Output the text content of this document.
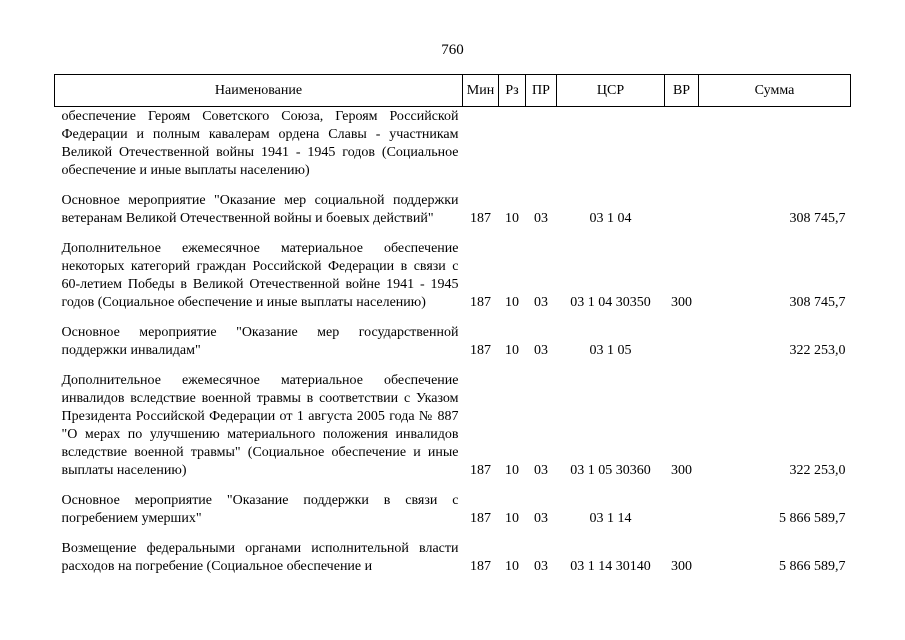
760
Наименование	Мин	Рз	ПР	ЦСР	ВР	Сумма
обеспечение Героям Советского Союза, Героям Российской Федерации и полным кавалерам ордена Славы - участникам Великой Отечественной войны 1941 - 1945 годов (Социальное обеспечение и иные выплаты населению)						

Основное мероприятие "Оказание мер социальной поддержки ветеранам Великой Отечественной войны и боевых действий"	187	10	03	03 1 04		308 745,7

Дополнительное ежемесячное материальное обеспечение некоторых категорий граждан Российской Федерации в связи с 60-летием Победы в Великой Отечественной войне 1941 - 1945 годов (Социальное обеспечение и иные выплаты населению)	187	10	03	03 1 04 30350	300	308 745,7

Основное мероприятие "Оказание мер государственной поддержки инвалидам"	187	10	03	03 1 05		322 253,0

Дополнительное ежемесячное материальное обеспечение инвалидов вследствие военной травмы в соответствии с Указом Президента Российской Федерации от 1 августа 2005 года № 887 "О мерах по улучшению материального положения инвалидов вследствие военной травмы" (Социальное обеспечение и иные выплаты населению)	187	10	03	03 1 05 30360	300	322 253,0

Основное мероприятие "Оказание поддержки в связи с погребением умерших"	187	10	03	03 1 14		5 866 589,7

Возмещение федеральными органами исполнительной власти расходов на погребение (Социальное обеспечение и	187	10	03	03 1 14 30140	300	5 866 589,7
